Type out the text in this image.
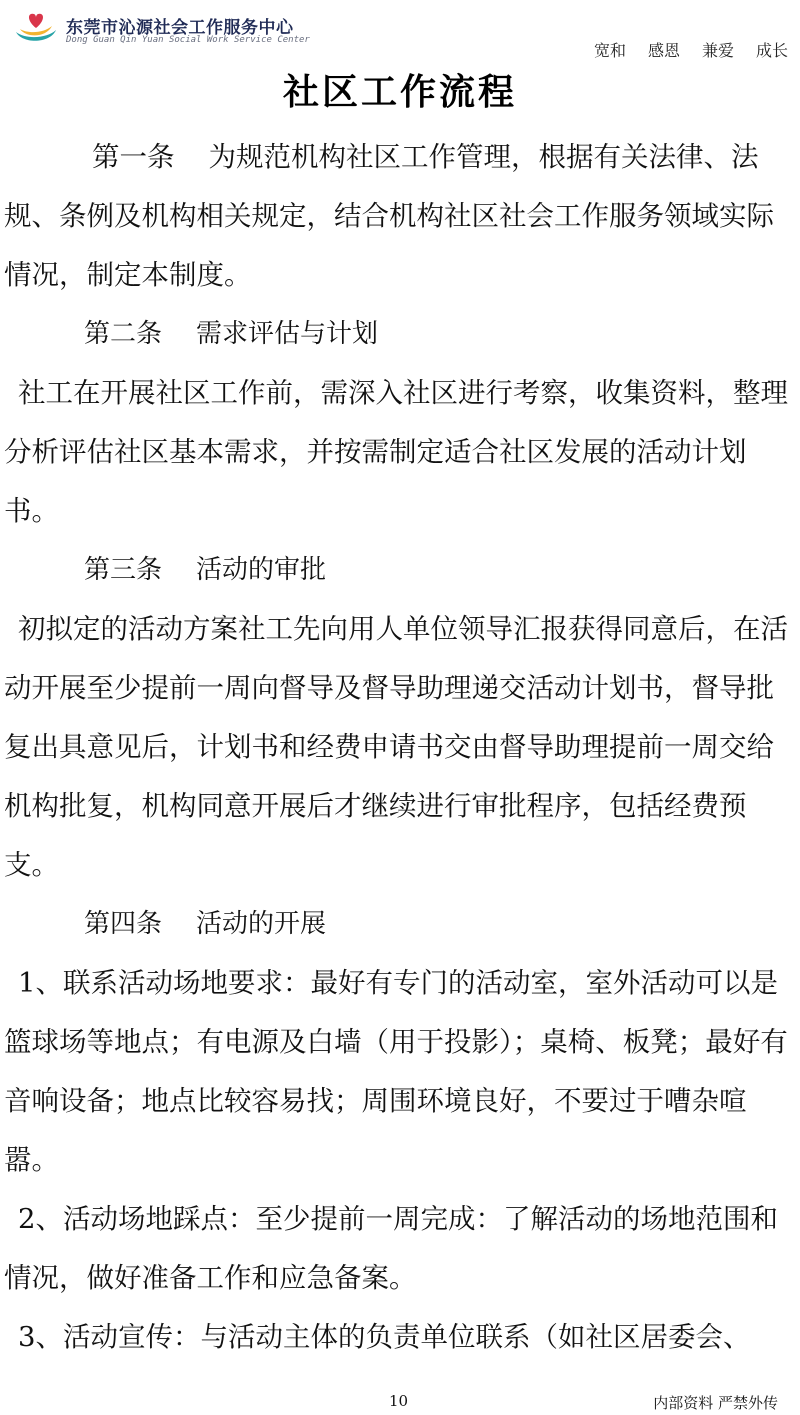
东莞市沁源社会工作服务中心
Dong Guan Qin Yuan Social Work Service Center
宽和 感恩 兼爱 成长
社区工作流程

第一条 为规范机构社区工作管理，根据有关法律、法规、条例及机构相关规定，结合机构社区社会工作服务领域实际情况，制定本制度。

第二条 需求评估与计划

社工在开展社区工作前，需深入社区进行考察，收集资料，整理分析评估社区基本需求，并按需制定适合社区发展的活动计划书。

第三条 活动的审批

初拟定的活动方案社工先向用人单位领导汇报获得同意后，在活动开展至少提前一周向督导及督导助理递交活动计划书，督导批复出具意见后，计划书和经费申请书交由督导助理提前一周交给机构批复，机构同意开展后才继续进行审批程序，包括经费预支。

第四条 活动的开展

1、联系活动场地要求：最好有专门的活动室，室外活动可以是篮球场等地点；有电源及白墙（用于投影）；桌椅、板凳；最好有音响设备；地点比较容易找；周围环境良好，不要过于嘈杂喧嚣。

2、活动场地踩点：至少提前一周完成：了解活动的场地范围和情况，做好准备工作和应急备案。

3、活动宣传：与活动主体的负责单位联系（如社区居委会、

10	内部资料 严禁外传
